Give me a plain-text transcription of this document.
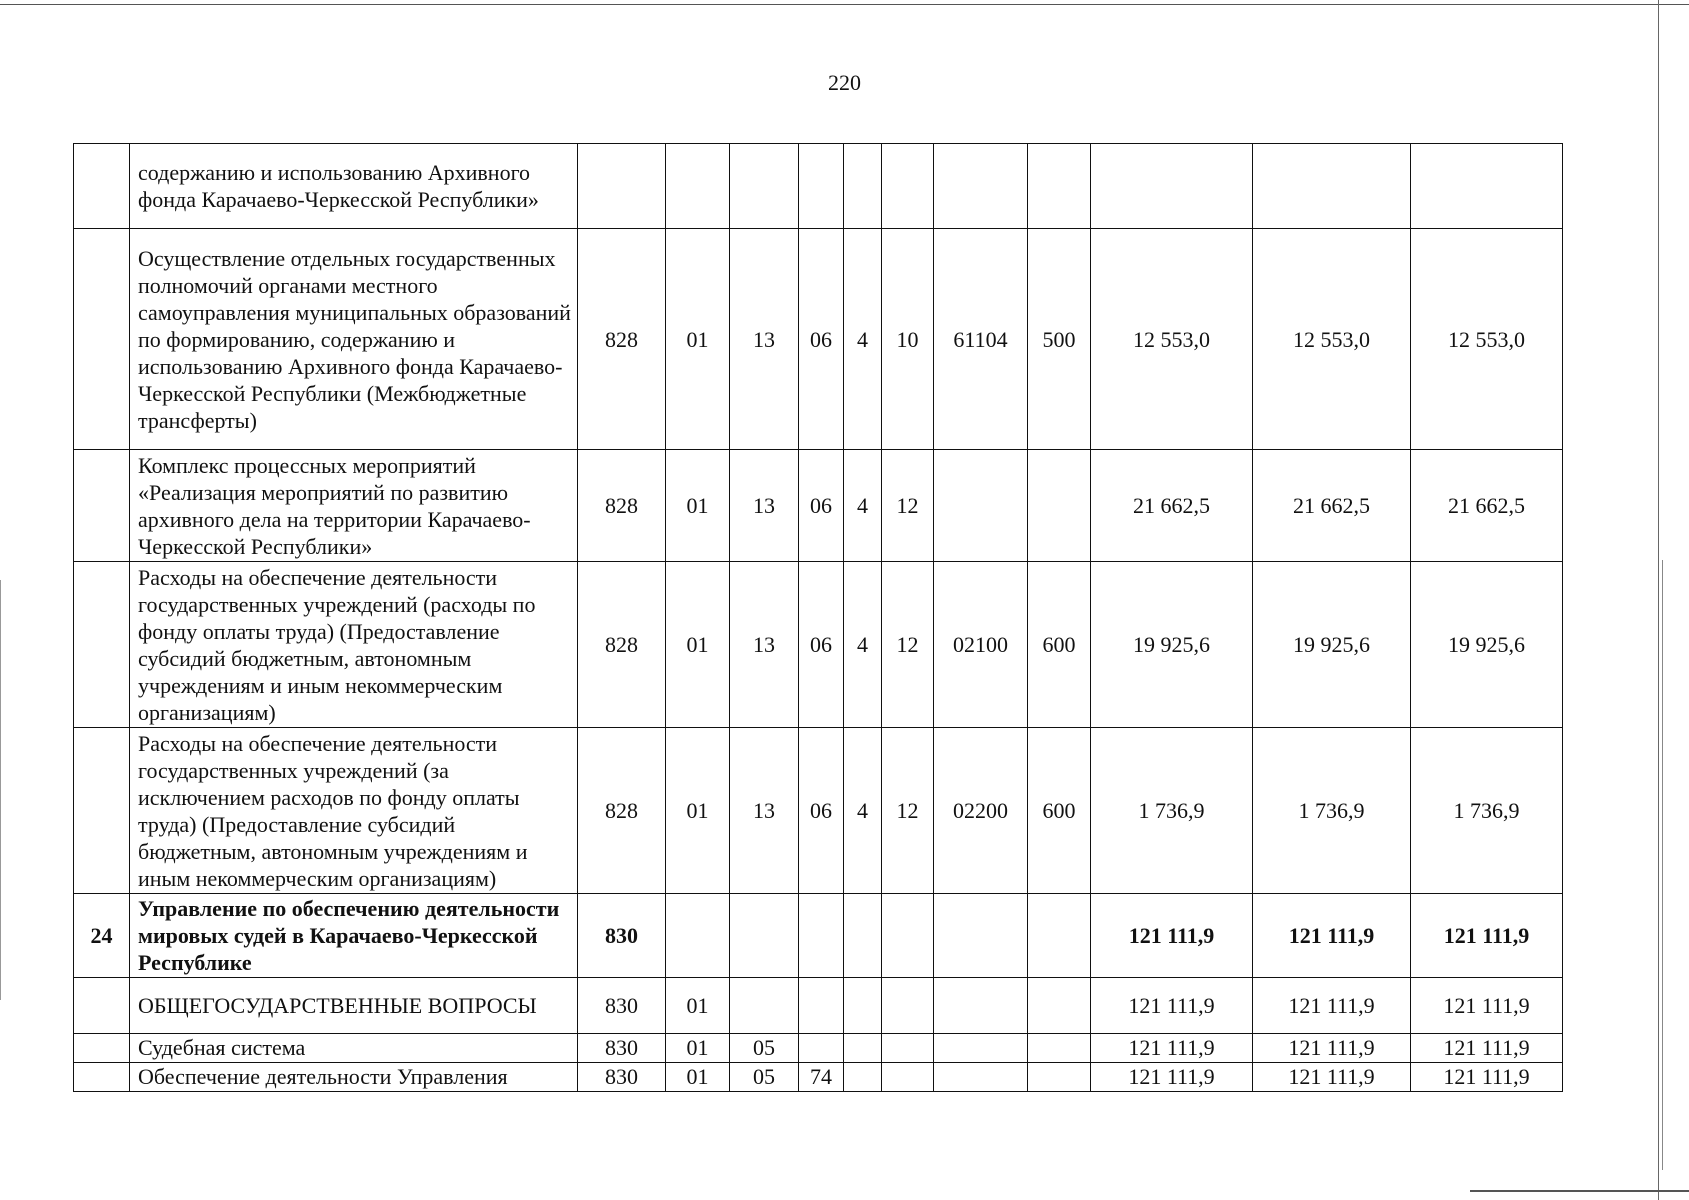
220
	содержанию и использованию Архивного фонда Карачаево-Черкесской Республики»											
	Осуществление отдельных государственных полномочий органами местного самоуправления муниципальных образований по формированию, содержанию и использованию Архивного фонда Карачаево-Черкесской Республики (Межбюджетные трансферты)	828	01	13	06	4	10	61104	500	12 553,0	12 553,0	12 553,0
	Комплекс процессных мероприятий «Реализация мероприятий по развитию архивного дела на территории Карачаево-Черкесской Республики»	828	01	13	06	4	12			21 662,5	21 662,5	21 662,5
	Расходы на обеспечение деятельности государственных учреждений (расходы по фонду оплаты труда) (Предоставление субсидий бюджетным, автономным учреждениям и иным некоммерческим организациям)	828	01	13	06	4	12	02100	600	19 925,6	19 925,6	19 925,6
	Расходы на обеспечение деятельности государственных учреждений (за исключением расходов по фонду оплаты труда) (Предоставление субсидий бюджетным, автономным учреждениям и иным некоммерческим организациям)	828	01	13	06	4	12	02200	600	1 736,9	1 736,9	1 736,9
24	Управление по обеспечению деятельности мировых судей в Карачаево-Черкесской Республике	830								121 111,9	121 111,9	121 111,9
	ОБЩЕГОСУДАРСТВЕННЫЕ ВОПРОСЫ	830	01							121 111,9	121 111,9	121 111,9
	Судебная система	830	01	05						121 111,9	121 111,9	121 111,9
	Обеспечение деятельности Управления	830	01	05	74					121 111,9	121 111,9	121 111,9
